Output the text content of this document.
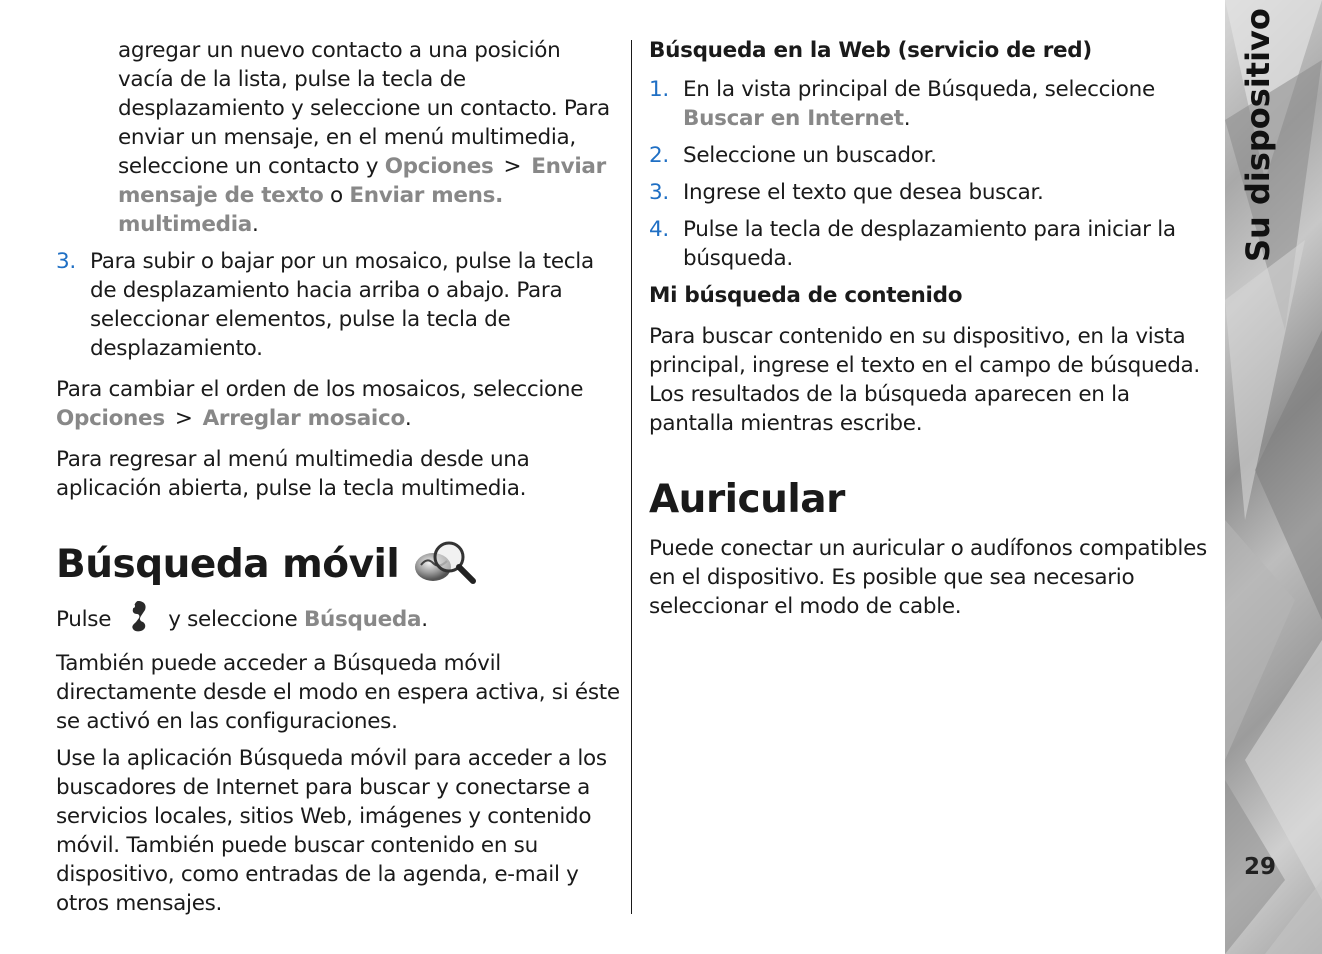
agregar un nuevo contacto a una posición vacía de la lista, pulse la tecla de desplazamiento y seleccione un contacto. Para enviar un mensaje, en el menú multimedia, seleccione un contacto y Opciones > Enviar mensaje de texto o Enviar mens. multimedia.

3. Para subir o bajar por un mosaico, pulse la tecla de desplazamiento hacia arriba o abajo. Para seleccionar elementos, pulse la tecla de desplazamiento.

Para cambiar el orden de los mosaicos, seleccione Opciones > Arreglar mosaico.

Para regresar al menú multimedia desde una aplicación abierta, pulse la tecla multimedia.

Búsqueda móvil

Pulse  y seleccione Búsqueda.

También puede acceder a Búsqueda móvil directamente desde el modo en espera activa, si éste se activó en las configuraciones.

Use la aplicación Búsqueda móvil para acceder a los buscadores de Internet para buscar y conectarse a servicios locales, sitios Web, imágenes y contenido móvil. También puede buscar contenido en su dispositivo, como entradas de la agenda, e-mail y otros mensajes.

Búsqueda en la Web (servicio de red)
1. En la vista principal de Búsqueda, seleccione Buscar en Internet.
2. Seleccione un buscador.
3. Ingrese el texto que desea buscar.
4. Pulse la tecla de desplazamiento para iniciar la búsqueda.
Mi búsqueda de contenido

Para buscar contenido en su dispositivo, en la vista principal, ingrese el texto en el campo de búsqueda. Los resultados de la búsqueda aparecen en la pantalla mientras escribe.

Auricular

Puede conectar un auricular o audífonos compatibles en el dispositivo. Es posible que sea necesario seleccionar el modo de cable.

Su dispositivo
29
